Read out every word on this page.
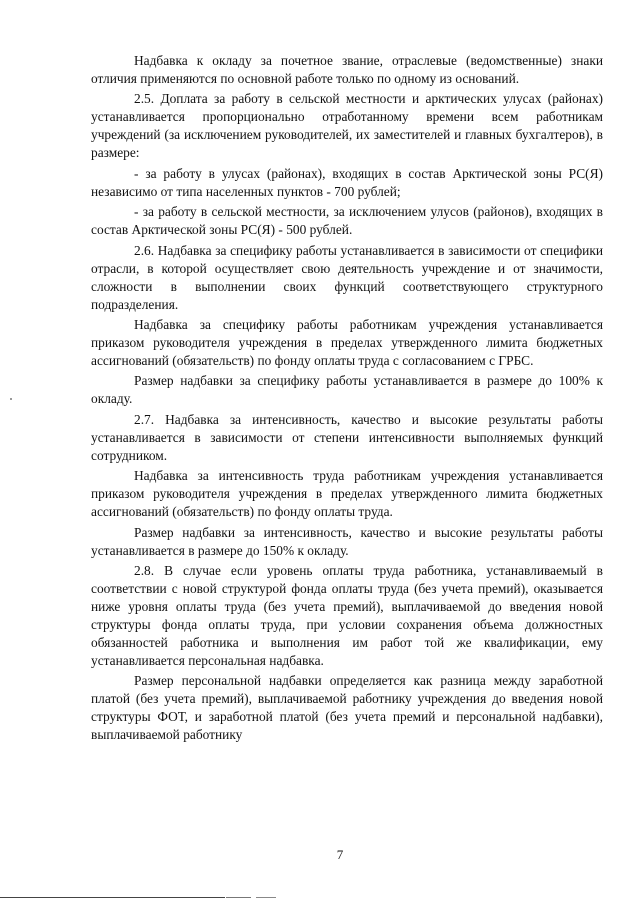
Надбавка к окладу за почетное звание, отраслевые (ведомственные) знаки отличия применяются по основной работе только по одному из оснований.

2.5. Доплата за работу в сельской местности и арктических улусах (районах) устанавливается пропорционально отработанному времени всем работникам учреждений (за исключением руководителей, их заместителей и главных бухгалтеров), в размере:

- за работу в улусах (районах), входящих в состав Арктической зоны РС(Я) независимо от типа населенных пунктов - 700 рублей;

- за работу в сельской местности, за исключением улусов (районов), входящих в состав Арктической зоны РС(Я) - 500 рублей.

2.6. Надбавка за специфику работы устанавливается в зависимости от специфики отрасли, в которой осуществляет свою деятельность учреждение и от значимости, сложности в выполнении своих функций соответствующего структурного подразделения.

Надбавка за специфику работы работникам учреждения устанавливается приказом руководителя учреждения в пределах утвержденного лимита бюджетных ассигнований (обязательств) по фонду оплаты труда с согласованием с ГРБС.

Размер надбавки за специфику работы устанавливается в размере до 100% к окладу.

2.7. Надбавка за интенсивность, качество и высокие результаты работы устанавливается в зависимости от степени интенсивности выполняемых функций сотрудником.

Надбавка за интенсивность труда работникам учреждения устанавливается приказом руководителя учреждения в пределах утвержденного лимита бюджетных ассигнований (обязательств) по фонду оплаты труда.

Размер надбавки за интенсивность, качество и высокие результаты работы устанавливается в размере до 150% к окладу.

2.8. В случае если уровень оплаты труда работника, устанавливаемый в соответствии с новой структурой фонда оплаты труда (без учета премий), оказывается ниже уровня оплаты труда (без учета премий), выплачиваемой до введения новой структуры фонда оплаты труда, при условии сохранения объема должностных обязанностей работника и выполнения им работ той же квалификации, ему устанавливается персональная надбавка.

Размер персональной надбавки определяется как разница между заработной платой (без учета премий), выплачиваемой работнику учреждения до введения новой структуры ФОТ, и заработной платой (без учета премий и персональной надбавки), выплачиваемой работнику

7
